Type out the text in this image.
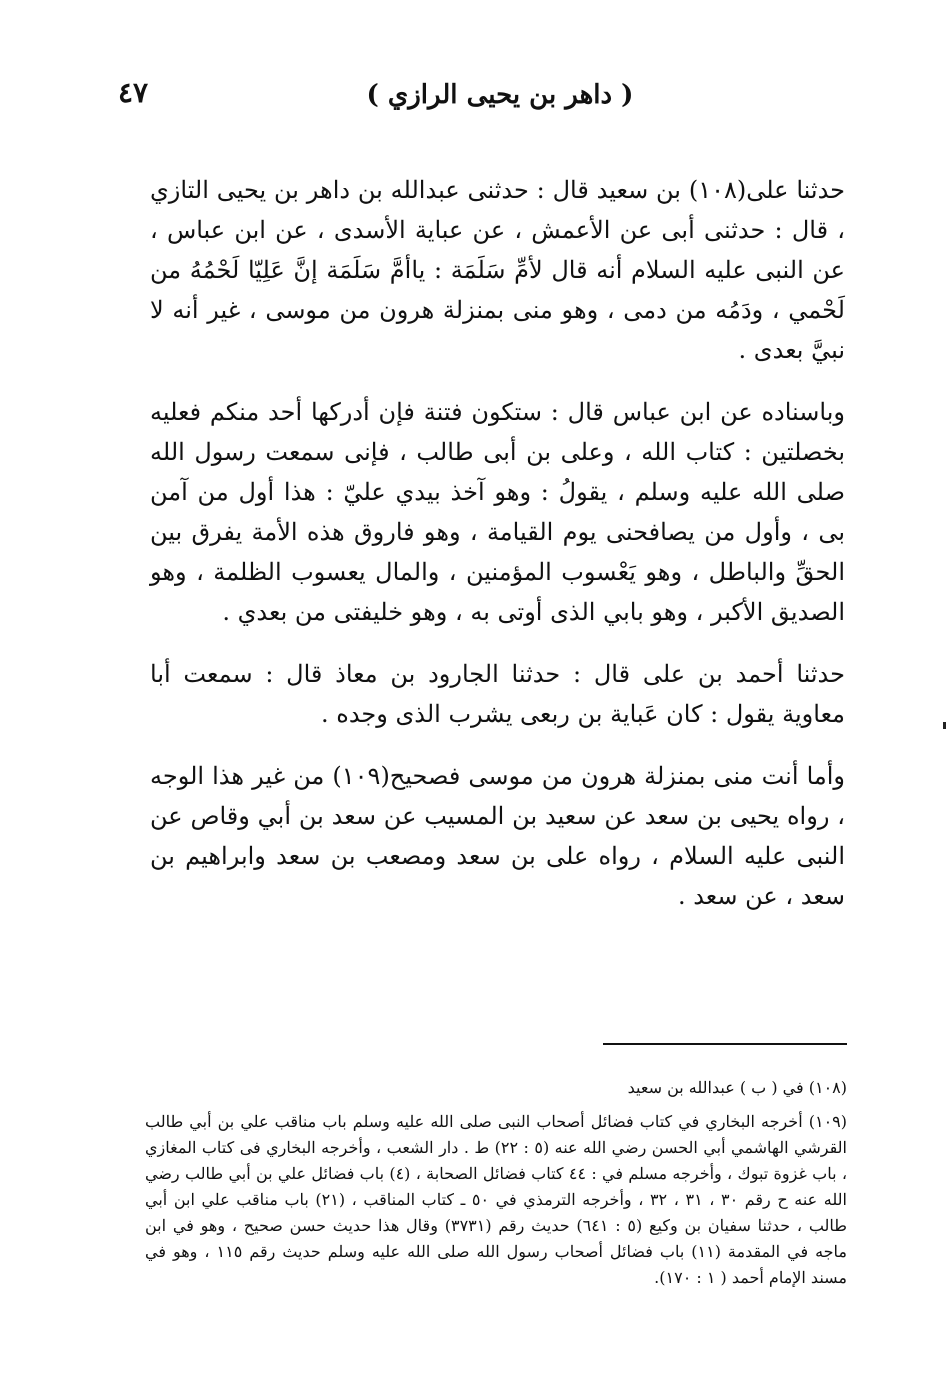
٤٧	( داهر بن يحيى الرازي )

حدثنا على(١٠٨) بن سعيد قال : حدثنى عبدالله بن داهر بن يحيى التازي ، قال : حدثنى أبى عن الأعمش ، عن عباية الأسدى ، عن ابن عباس ، عن النبى عليه السلام أنه قال لأمِّ سَلَمَة : ياأمَّ سَلَمَة إنَّ عَلِيّا لَحْمُهُ من لَحْمي ، ودَمُه من دمى ، وهو منى بمنزلة هرون من موسى ، غير أنه لا نبيَّ بعدى .

وباسناده عن ابن عباس قال : ستكون فتنة فإن أدركها أحد منكم فعليه بخصلتين : كتاب الله ، وعلى بن أبى طالب ، فإنى سمعت رسول الله صلى الله عليه وسلم ، يقولُ : وهو آخذ بيدي عليّ : هذا أول من آمن بى ، وأول من يصافحنى يوم القيامة ، وهو فاروق هذه الأمة يفرق بين الحقِّ والباطل ، وهو يَعْسوب المؤمنين ، والمال يعسوب الظلمة ، وهو الصديق الأكبر ، وهو بابي الذى أوتى به ، وهو خليفتى من بعدي .

حدثنا أحمد بن على قال : حدثنا الجارود بن معاذ قال : سمعت أبا معاوية يقول : كان عَباية بن ربعى يشرب الذى وجده .

وأما أنت منى بمنزلة هرون من موسى فصحيح(١٠٩) من غير هذا الوجه ، رواه يحيى بن سعد عن سعيد بن المسيب عن سعد بن أبي وقاص عن النبى عليه السلام ، رواه على بن سعد ومصعب بن سعد وابراهيم بن سعد ، عن سعد .

(١٠٨) في ( ب ) عبدالله بن سعيد

(١٠٩) أخرجه البخاري في كتاب فضائل أصحاب النبى صلى الله عليه وسلم باب مناقب علي بن أبي طالب القرشي الهاشمي أبي الحسن رضي الله عنه (٥ : ٢٢) ط . دار الشعب ، وأخرجه البخاري فى كتاب المغازي ، باب غزوة تبوك ، وأخرجه مسلم في : ٤٤ كتاب فضائل الصحابة ، (٤) باب فضائل علي بن أبي طالب رضي الله عنه ح رقم ٣٠ ، ٣١ ، ٣٢ ، وأخرجه الترمذي في ٥٠ ـ كتاب المناقب ، (٢١) باب مناقب علي ابن أبي طالب ، حدثنا سفيان بن وكيع (٥ : ٦٤١) حديث رقم (٣٧٣١) وقال هذا حديث حسن صحيح ، وهو في ابن ماجه في المقدمة (١١) باب فضائل أصحاب رسول الله صلى الله عليه وسلم حديث رقم ١١٥ ، وهو في مسند الإمام أحمد ( ١ : ١٧٠).
